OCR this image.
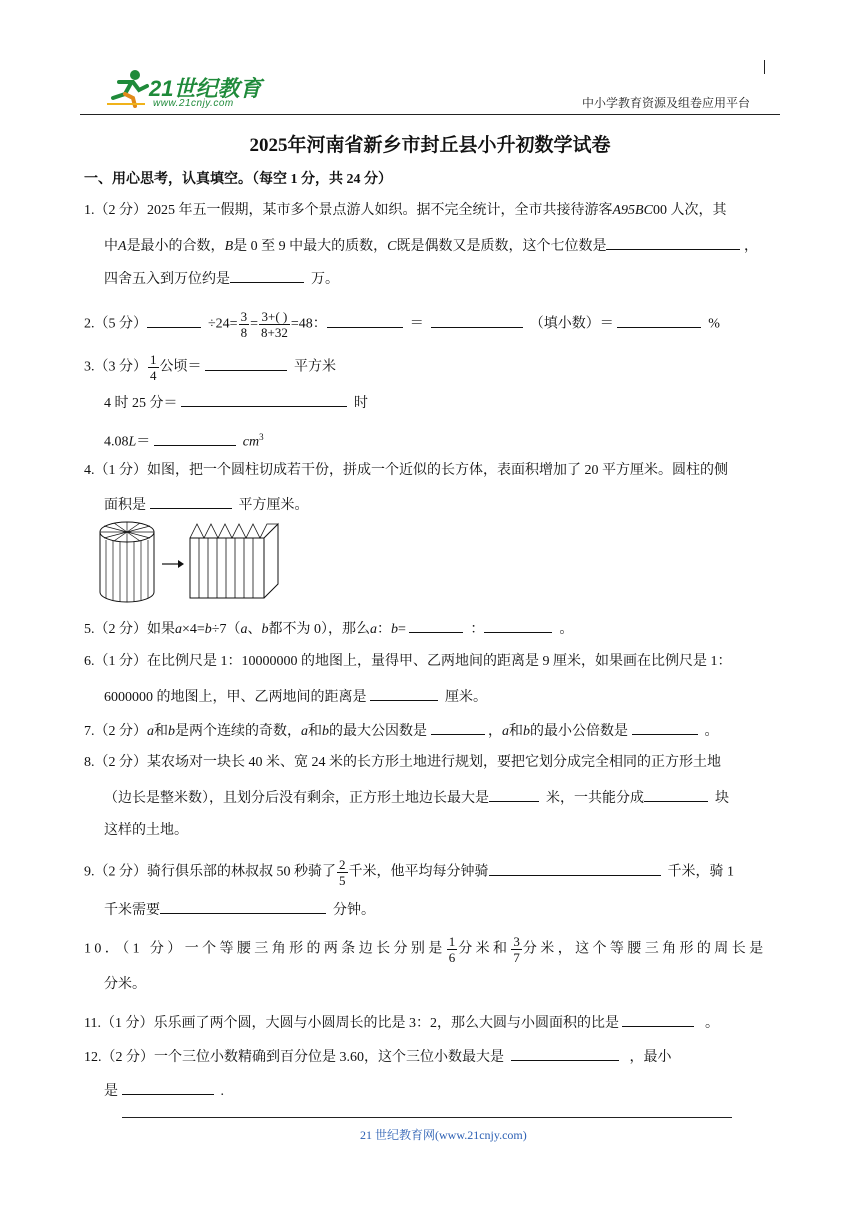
21世纪教育
www.21cnjy.com	中小学教育资源及组卷应用平台
2025年河南省新乡市封丘县小升初数学试卷
一、用心思考，认真填空。（每空 1 分，共 24 分）
1.（2 分）2025 年五一假期，某市多个景点游人如织。据不完全统计，全市共接待游客A95BC00 人次，其
中A是最小的合数，B是 0 至 9 中最大的质数，C既是偶数又是质数，这个七位数是	，
四舍五入到万位约是	万。
2.（5 分）	$\div 24= \frac{3}{8} = \frac{3+( )}{8+32} =48$：	＝	（填小数）＝	%
3.（3 分） $\frac{1}{4}$ 公顷＝	平方米
4 时 25 分＝	时
4.08L＝	$cm^3$
4.（1 分）如图，把一个圆柱切成若干份，拼成一个近似的长方体，表面积增加了 20 平方厘米。圆柱的侧
面积是	平方厘米。
5.（2 分）如果a×4=b÷7（a、b都不为 0），那么a：b=	：	。
6.（1 分）在比例尺是 1：10000000 的地图上，量得甲、乙两地间的距离是 9 厘米，如果画在比例尺是 1：
6000000 的地图上，甲、乙两地间的距离是	厘米。
7.（2 分）a和b是两个连续的奇数，a和b的最大公因数是	，a和b的最小公倍数是	。
8.（2 分）某农场对一块长 40 米、宽 24 米的长方形土地进行规划，要把它划分成完全相同的正方形土地
（边长是整米数），且划分后没有剩余，正方形土地边长最大是	米，一共能分成	块
这样的土地。
9.（2 分）骑行俱乐部的林叔叔 50 秒骑了 $\frac{2}{5}$ 千米，他平均每分钟骑	千米，骑 1
千米需要	分钟。
10．（1 分）一个等腰三角形的两条边长分别是 $\frac{1}{6}$ 分米和 $\frac{3}{7}$ 分米，这个等腰三角形的周长是
分米。
11.（1 分）乐乐画了两个圆，大圆与小圆周长的比是 3：2，那么大圆与小圆面积的比是	。
12.（2 分）一个三位小数精确到百分位是 3.60，这个三位小数最大是	，最小
是	.
21 世纪教育网(www.21cnjy.com)
